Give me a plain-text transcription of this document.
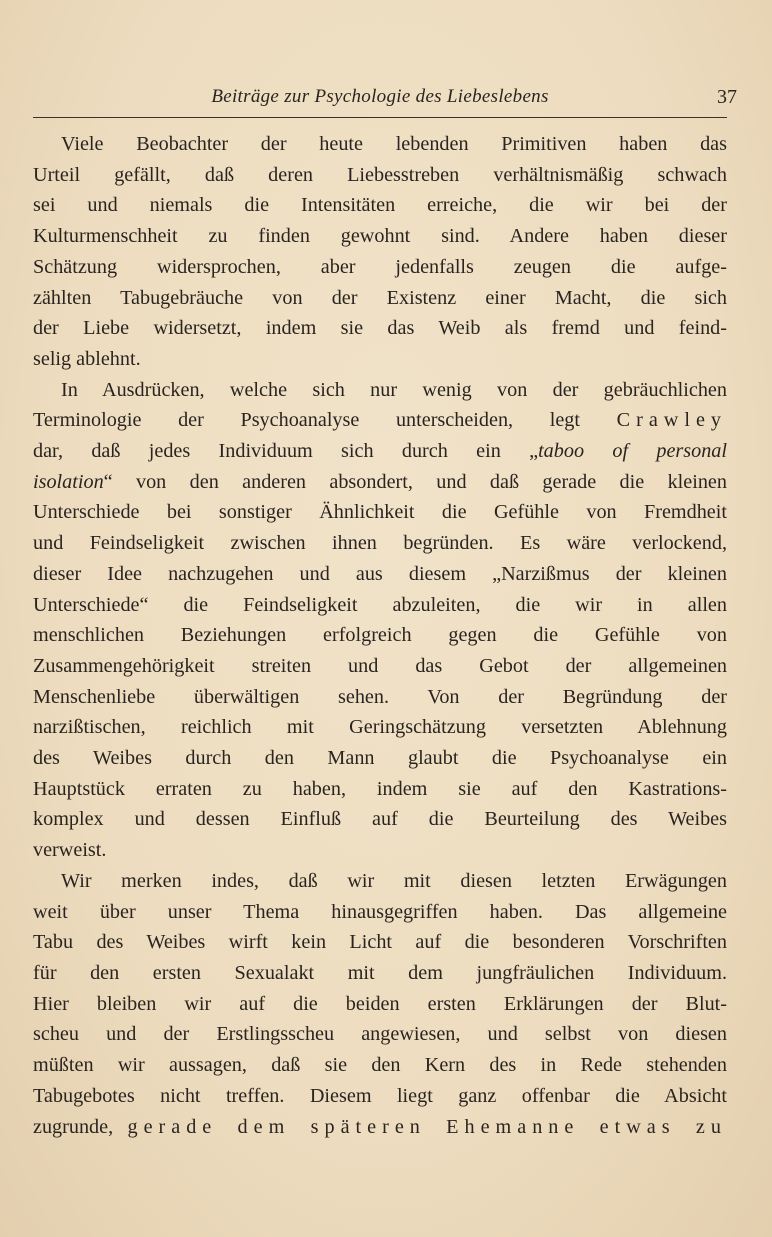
Beiträge zur Psychologie des Liebeslebens	37
Viele Beobachter der heute lebenden Primitiven haben das
Urteil gefällt, daß deren Liebesstreben verhältnismäßig schwach
sei und niemals die Intensitäten erreiche, die wir bei der
Kulturmenschheit zu finden gewohnt sind. Andere haben dieser
Schätzung widersprochen, aber jedenfalls zeugen die aufge-
zählten Tabugebräuche von der Existenz einer Macht, die sich
der Liebe widersetzt, indem sie das Weib als fremd und feind-
selig ablehnt.
In Ausdrücken, welche sich nur wenig von der gebräuchlichen
Terminologie der Psychoanalyse unterscheiden, legt Crawley
dar, daß jedes Individuum sich durch ein „taboo of personal
isolation“ von den anderen absondert, und daß gerade die kleinen
Unterschiede bei sonstiger Ähnlichkeit die Gefühle von Fremdheit
und Feindseligkeit zwischen ihnen begründen. Es wäre verlockend,
dieser Idee nachzugehen und aus diesem „Narzißmus der kleinen
Unterschiede“ die Feindseligkeit abzuleiten, die wir in allen
menschlichen Beziehungen erfolgreich gegen die Gefühle von
Zusammengehörigkeit streiten und das Gebot der allgemeinen
Menschenliebe überwältigen sehen. Von der Begründung der
narzißtischen, reichlich mit Geringschätzung versetzten Ablehnung
des Weibes durch den Mann glaubt die Psychoanalyse ein
Hauptstück erraten zu haben, indem sie auf den Kastrations-
komplex und dessen Einfluß auf die Beurteilung des Weibes
verweist.
Wir merken indes, daß wir mit diesen letzten Erwägungen
weit über unser Thema hinausgegriffen haben. Das allgemeine
Tabu des Weibes wirft kein Licht auf die besonderen Vorschriften
für den ersten Sexualakt mit dem jungfräulichen Individuum.
Hier bleiben wir auf die beiden ersten Erklärungen der Blut-
scheu und der Erstlingsscheu angewiesen, und selbst von diesen
müßten wir aussagen, daß sie den Kern des in Rede stehenden
Tabugebotes nicht treffen. Diesem liegt ganz offenbar die Absicht
zugrunde, gerade dem späteren Ehemanne etwas zu
